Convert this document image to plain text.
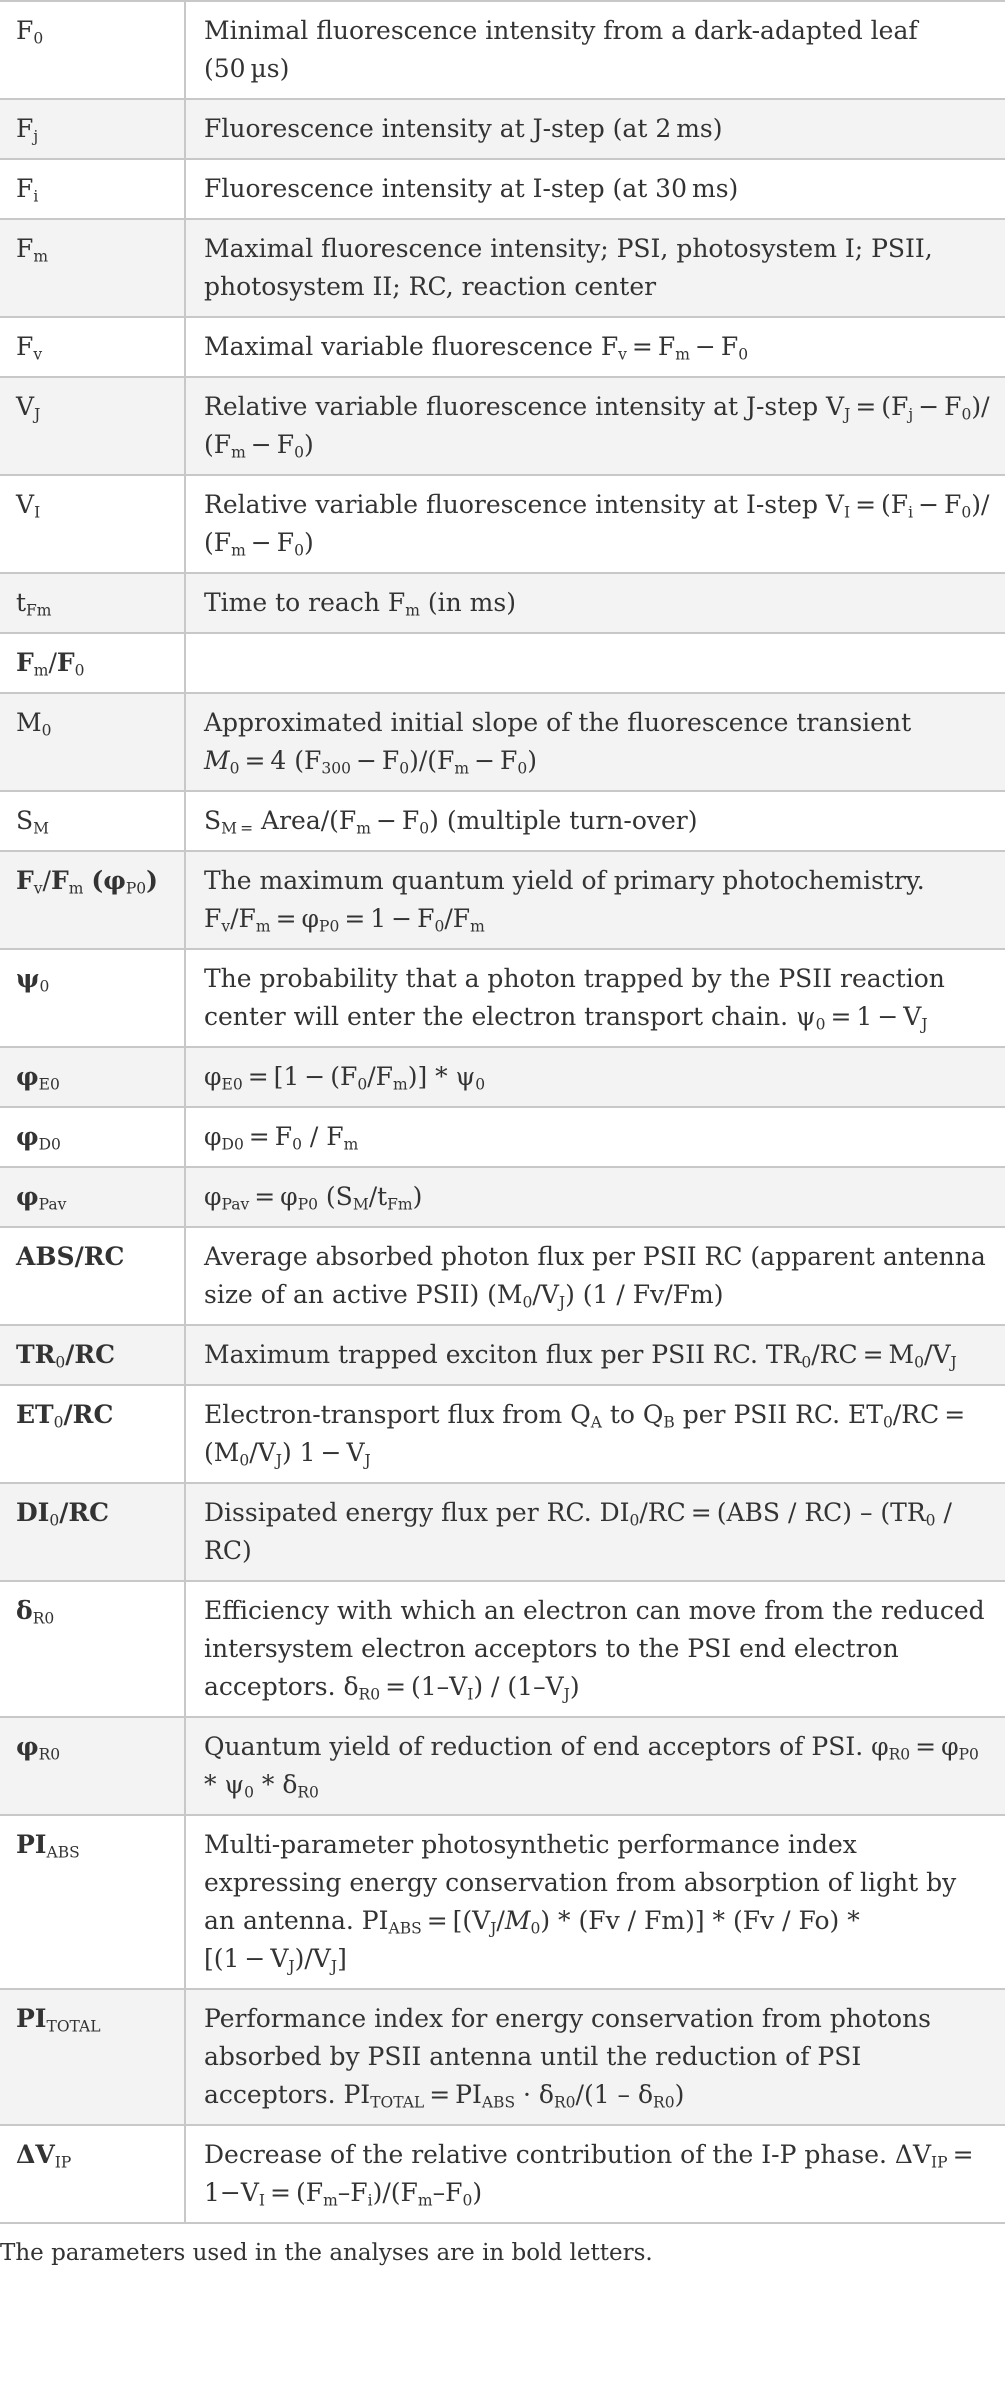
$F_0$	Minimal fluorescence intensity from a dark-adapted leaf (50 µs)
$F_j$	Fluorescence intensity at J-step (at 2 ms)
$F_i$	Fluorescence intensity at I-step (at 30 ms)
$F_m$	Maximal fluorescence intensity; PSI, photosystem I; PSII, photosystem II; RC, reaction center
$F_v$	Maximal variable fluorescence $F_v = F_m - F_0$
$V_J$	Relative variable fluorescence intensity at J-step $V_J = (F_j - F_0)/$ $(F_m - F_0)$
$V_I$	Relative variable fluorescence intensity at I-step $V_I = (F_i - F_0)/$ $(F_m - F_0)$
$t_{Fm}$	Time to reach $F_m$ (in ms)
$F_m/F_0$	
$M_0$	Approximated initial slope of the fluorescence transient $M_0 = 4$ $(F_{300} - F_0)/(F_m - F_0)$
$S_M$	$S_{M =}$ Area/$(F_m - F_0)$ (multiple turn-over)
$F_v/F_m$ $(\varphi_{P0})$	The maximum quantum yield of primary photochemistry. $F_v/F_m = \varphi_{P0} = 1 - F_0/F_m$
$\psi_0$	The probability that a photon trapped by the PSII reaction center will enter the electron transport chain. $\psi_0 = 1 - V_J$
$\varphi_{E0}$	$\varphi_{E0} = [1 - (F_0/F_m)] * \psi_0$
$\varphi_{D0}$	$\varphi_{D0} = F_0 / F_m$
$\varphi_{Pav}$	$\varphi_{Pav} = \varphi_{P0}$ $(S_M/t_{Fm})$
ABS/RC	Average absorbed photon flux per PSII RC (apparent antenna size of an active PSII) $(M_0/V_J)$ (1 / Fv/Fm)
$TR_0/RC$	Maximum trapped exciton flux per PSII RC. $TR_0/RC = M_0/V_J$
$ET_0/RC$	Electron-transport flux from $Q_A$ to $Q_B$ per PSII RC. $ET_0/RC = (M_0/V_J) 1 - V_J$
$DI_0/RC$	Dissipated energy flux per RC. $DI_0/RC = (ABS / RC) - (TR_0 / RC)$
$\delta_{R0}$	Efficiency with which an electron can move from the reduced intersystem electron acceptors to the PSI end electron acceptors. $\delta_{R0} = (1-V_I) / (1-V_J)$
$\varphi_{R0}$	Quantum yield of reduction of end acceptors of PSI. $\varphi_{R0} = \varphi_{P0} * \psi_0 * \delta_{R0}$
$PI_{ABS}$	Multi-parameter photosynthetic performance index expressing energy conservation from absorption of light by an antenna. $PI_{ABS} = [(V_J/M_0) * (Fv / Fm)] * (Fv / Fo) * [(1 - V_J)/V_J]$
$PI_{TOTAL}$	Performance index for energy conservation from photons absorbed by PSII antenna until the reduction of PSI acceptors. $PI_{TOTAL} = PI_{ABS} \cdot \delta_{R0}/(1 - \delta_{R0})$
$\Delta V_{IP}$	Decrease of the relative contribution of the I-P phase. $\Delta V_{IP} = 1-V_I = (F_m-F_i)/(F_m-F_0)$
The parameters used in the analyses are in bold letters.
